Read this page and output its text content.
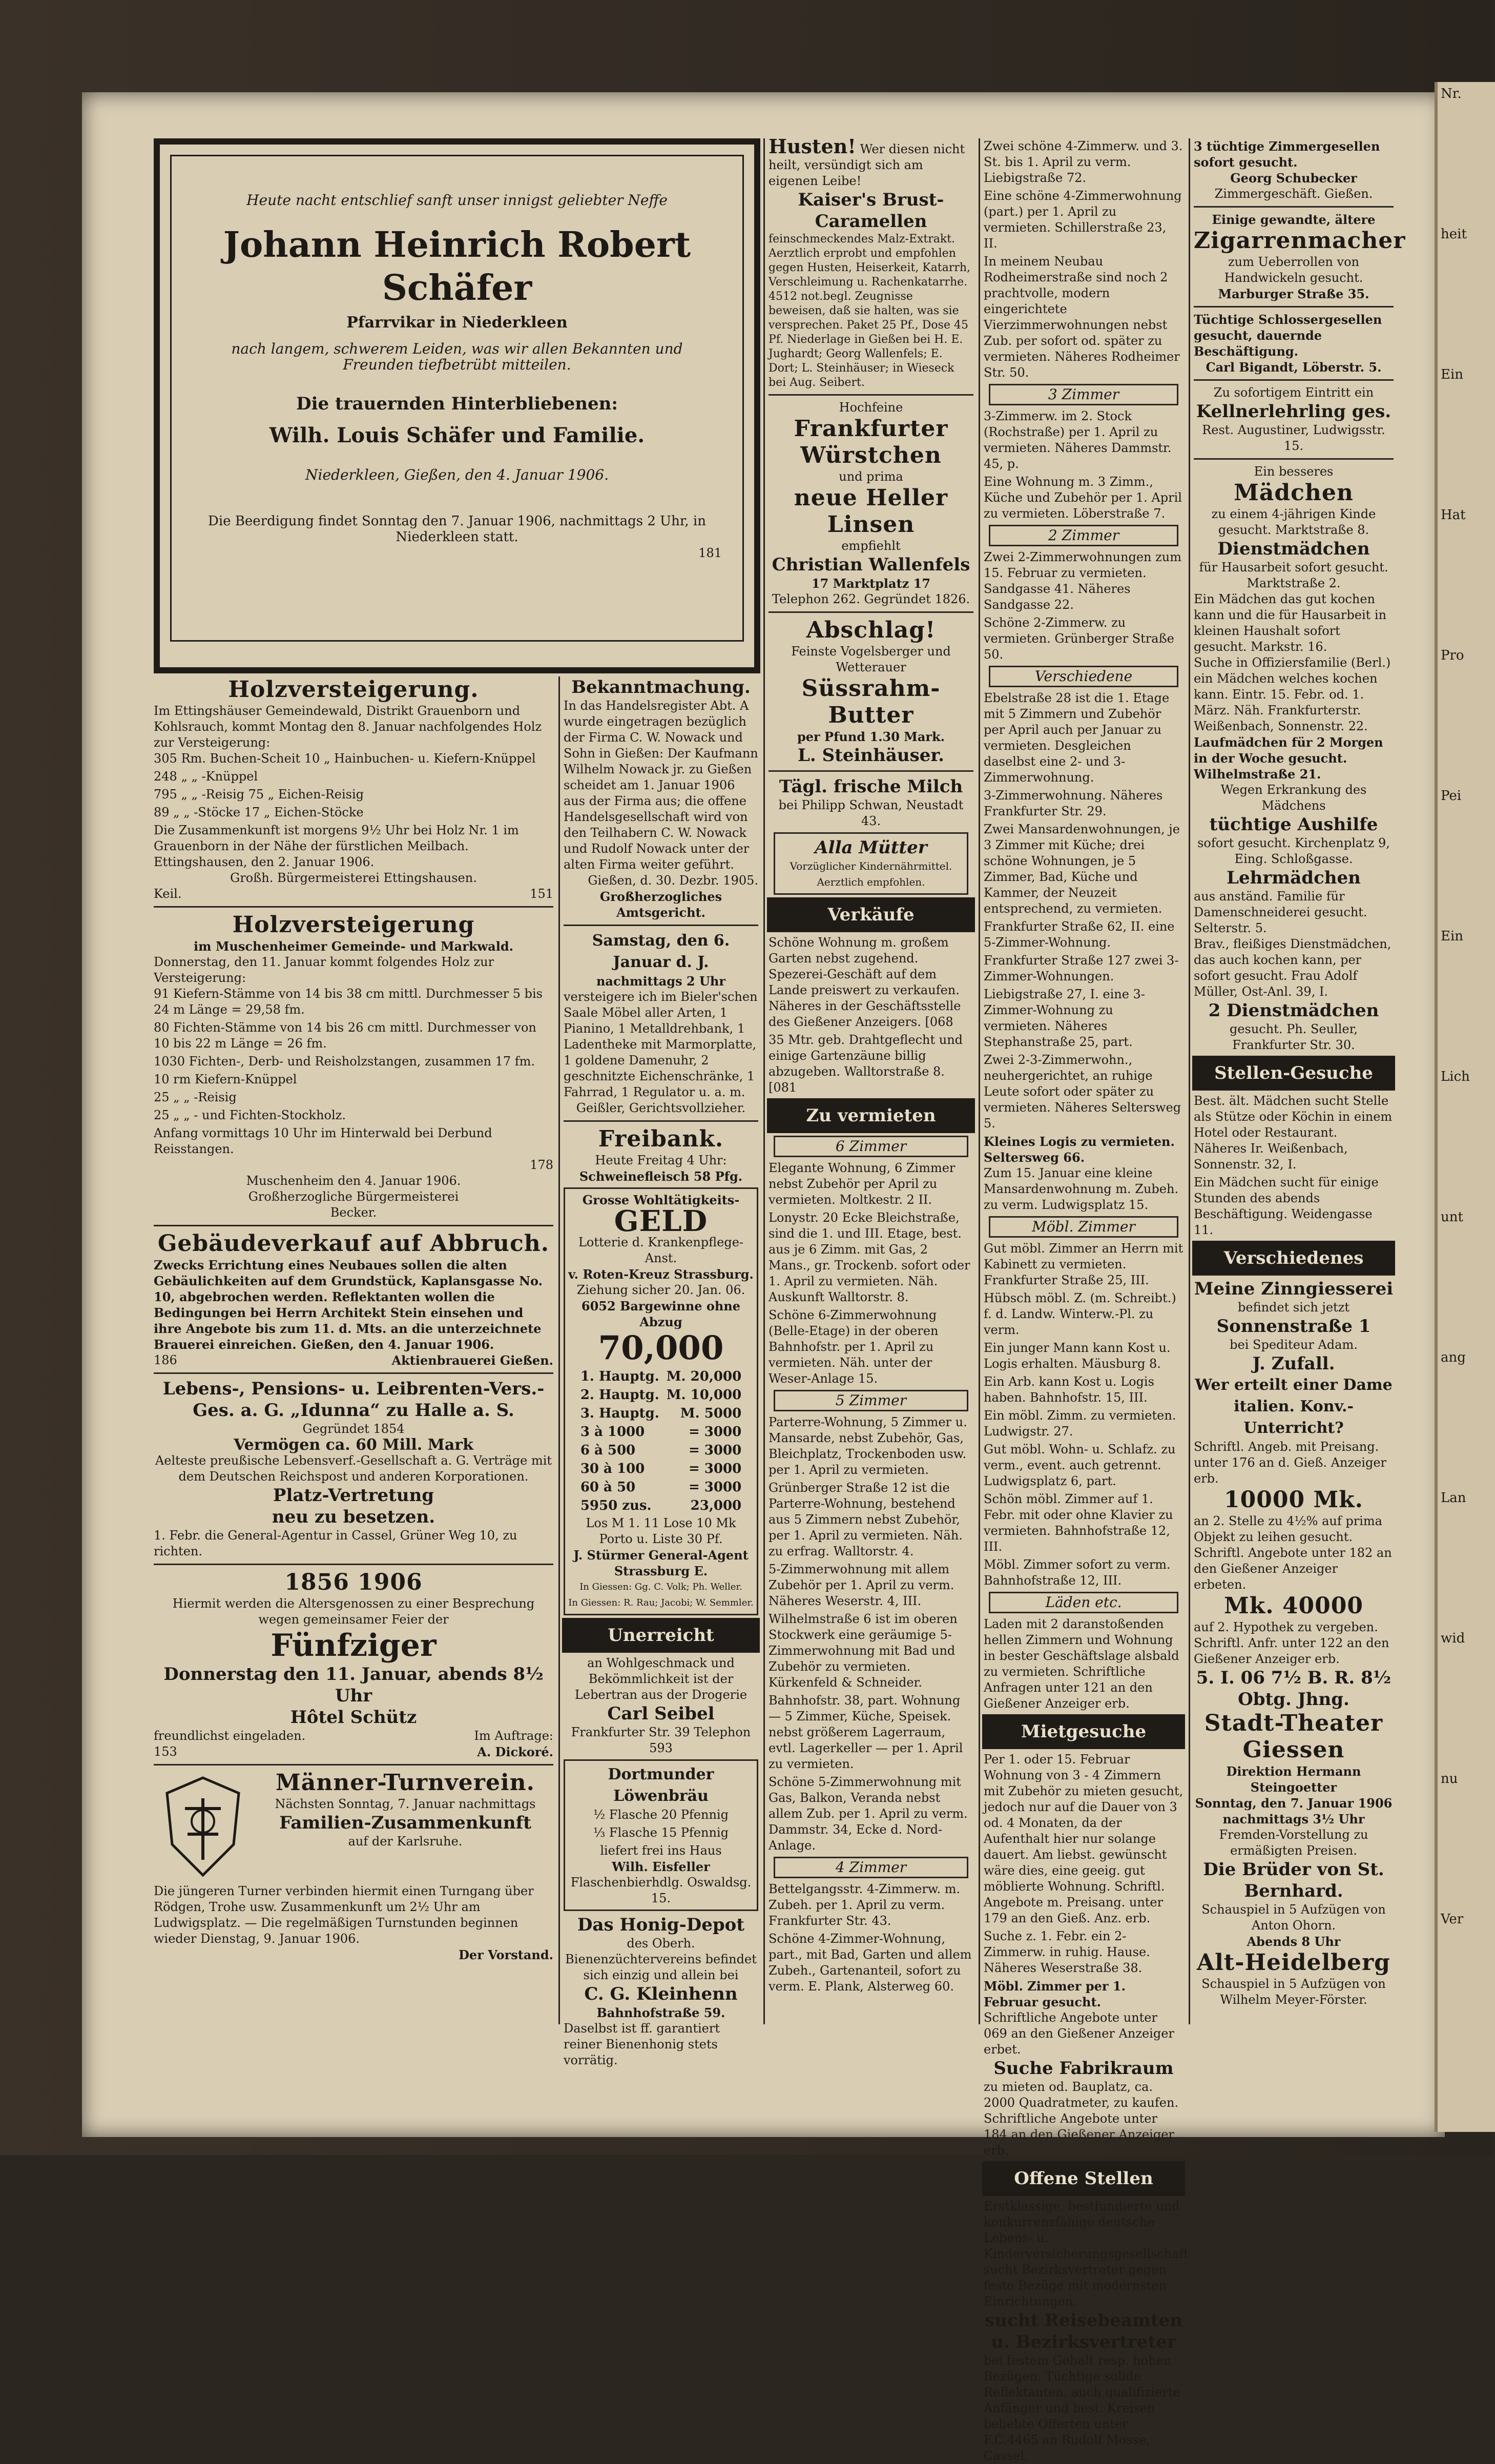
Nr.
heit
Ein
Hat
Pro
Pei
Ein
Lich
unt
ang
Lan
wid
nu
Ver
Heute nacht entschlief sanft unser innigst geliebter Neffe
Johann Heinrich Robert Schäfer
Pfarrvikar in Niederkleen
nach langem, schwerem Leiden, was wir allen Bekannten und Freunden tiefbetrübt mitteilen.
Die trauernden Hinterbliebenen:
Wilh. Louis Schäfer und Familie.
Niederkleen, Gießen, den 4. Januar 1906.
Die Beerdigung findet Sonntag den 7. Januar 1906, nachmittags 2 Uhr, in Niederkleen statt.
181
Holzversteigerung.
Im Ettingshäuser Gemeindewald, Distrikt Grauenborn und Kohlsrauch, kommt Montag den 8. Januar nachfolgendes Holz zur Versteigerung:
305 Rm. Buchen-Scheit 10 „ Hainbuchen- u. Kiefern-Knüppel
248 „ „ -Knüppel
795 „ „ -Reisig 75 „ Eichen-Reisig
89 „ „ -Stöcke 17 „ Eichen-Stöcke
Die Zusammenkunft ist morgens 9½ Uhr bei Holz Nr. 1 im Grauenborn in der Nähe der fürstlichen Meilbach. Ettingshausen, den 2. Januar 1906.
Großh. Bürgermeisterei Ettingshausen.
Keil.	151
Holzversteigerung
im Muschenheimer Gemeinde- und Markwald.
Donnerstag, den 11. Januar kommt folgendes Holz zur Versteigerung:
91 Kiefern-Stämme von 14 bis 38 cm mittl. Durchmesser 5 bis 24 m Länge = 29,58 fm.
80 Fichten-Stämme von 14 bis 26 cm mittl. Durchmesser von 10 bis 22 m Länge = 26 fm.
1030 Fichten-, Derb- und Reisholzstangen, zusammen 17 fm.
10 rm Kiefern-Knüppel
25 „ „ -Reisig
25 „ „ - und Fichten-Stockholz.
Anfang vormittags 10 Uhr im Hinterwald bei Derbund Reisstangen.
178
Muschenheim den 4. Januar 1906.
Großherzogliche Bürgermeisterei
Becker.
Gebäudeverkauf auf Abbruch.
Zwecks Errichtung eines Neubaues sollen die alten Gebäulichkeiten auf dem Grundstück, Kaplansgasse No. 10, abgebrochen werden. Reflektanten wollen die Bedingungen bei Herrn Architekt Stein einsehen und ihre Angebote bis zum 11. d. Mts. an die unterzeichnete Brauerei einreichen. Gießen, den 4. Januar 1906.
186	Aktienbrauerei Gießen.
Lebens-, Pensions- u. Leibrenten-Vers.-Ges. a. G. „Idunna“ zu Halle a. S.
Gegründet 1854
Vermögen ca. 60 Mill. Mark
Aelteste preußische Lebensverf.-Gesellschaft a. G. Verträge mit dem Deutschen Reichspost und anderen Korporationen.
Platz-Vertretung
neu zu besetzen.
1. Febr. die General-Agentur in Cassel, Grüner Weg 10, zu richten.
1856 1906
Hiermit werden die Altersgenossen zu einer Besprechung wegen gemeinsamer Feier der
Fünfziger
Donnerstag den 11. Januar, abends 8½ Uhr
Hôtel Schütz
freundlichst eingeladen.	Im Auftrage:
153	A. Dickoré.
Männer-Turnverein.
Nächsten Sonntag, 7. Januar nachmittags
Familien-Zusammenkunft
auf der Karlsruhe.
Die jüngeren Turner verbinden hiermit einen Turngang über Rödgen, Trohe usw. Zusammenkunft um 2½ Uhr am Ludwigsplatz. — Die regelmäßigen Turnstunden beginnen wieder Dienstag, 9. Januar 1906.
Der Vorstand.
Bekanntmachung.
In das Handelsregister Abt. A wurde eingetragen bezüglich der Firma C. W. Nowack und Sohn in Gießen: Der Kaufmann Wilhelm Nowack jr. zu Gießen scheidet am 1. Januar 1906 aus der Firma aus; die offene Handelsgesellschaft wird von den Teilhabern C. W. Nowack und Rudolf Nowack unter der alten Firma weiter geführt.
Gießen, d. 30. Dezbr. 1905.
Großherzogliches Amtsgericht.
Samstag, den 6. Januar d. J.
nachmittags 2 Uhr
versteigere ich im Bieler'schen Saale Möbel aller Arten, 1 Pianino, 1 Metalldrehbank, 1 Ladentheke mit Marmorplatte, 1 goldene Damenuhr, 2 geschnitzte Eichenschränke, 1 Fahrrad, 1 Regulator u. a. m.
Geißler, Gerichtsvollzieher.
Freibank.
Heute Freitag 4 Uhr:
Schweinefleisch 58 Pfg.
Grosse Wohltätigkeits-
GELD
Lotterie d. Krankenpflege-Anst.
v. Roten-Kreuz Strassburg.
Ziehung sicher 20. Jan. 06.
6052 Bargewinne ohne Abzug
70,000
1. Hauptg.	M. 20,000
2. Hauptg.	M. 10,000
3. Hauptg.	M. 5000
3 à 1000	= 3000
6 à 500	= 3000
30 à 100	= 3000
60 à 50	= 3000
5950 zus.	23,000
Los M 1. 11 Lose 10 Mk Porto u. Liste 30 Pf.
J. Stürmer General-Agent Strassburg E.
In Giessen: Gg. C. Volk; Ph. Weller.
In Giessen: R. Rau; Jacobi; W. Semmler.
Unerreicht
an Wohlgeschmack und Bekömmlichkeit ist der Lebertran aus der Drogerie
Carl Seibel
Frankfurter Str. 39 Telephon 593
Dortmunder Löwenbräu
½ Flasche 20 Pfennig
⅓ Flasche 15 Pfennig
liefert frei ins Haus
Wilh. Eisfeller
Flaschenbierhdlg. Oswaldsg. 15.
Das Honig-Depot
des Oberh. Bienenzüchtervereins befindet sich einzig und allein bei
C. G. Kleinhenn
Bahnhofstraße 59.
Daselbst ist ff. garantiert reiner Bienenhonig stets vorrätig.
Husten! Wer diesen nicht heilt, versündigt sich am eigenen Leibe!
Kaiser's Brust-Caramellen
feinschmeckendes Malz-Extrakt. Aerztlich erprobt und empfohlen gegen Husten, Heiserkeit, Katarrh, Verschleimung u. Rachenkatarrhe. 4512 not.begl. Zeugnisse beweisen, daß sie halten, was sie versprechen. Paket 25 Pf., Dose 45 Pf. Niederlage in Gießen bei H. E. Jughardt; Georg Wallenfels; E. Dort; L. Steinhäuser; in Wieseck bei Aug. Seibert.
Hochfeine
Frankfurter Würstchen
und prima
neue Heller Linsen
empfiehlt
Christian Wallenfels
17 Marktplatz 17
Telephon 262. Gegründet 1826.
Abschlag!
Feinste Vogelsberger und Wetterauer
Süssrahm-Butter
per Pfund 1.30 Mark.
L. Steinhäuser.
Tägl. frische Milch
bei Philipp Schwan, Neustadt 43.
Alla Mütter
Vorzüglicher Kindernährmittel. Aerztlich empfohlen.
Verkäufe
Schöne Wohnung m. großem Garten nebst zugehend. Spezerei-Geschäft auf dem Lande preiswert zu verkaufen. Näheres in der Geschäftsstelle des Gießener Anzeigers. [068
35 Mtr. geb. Drahtgeflecht und einige Gartenzäune billig abzugeben. Walltorstraße 8. [081
Zu vermieten
6 Zimmer
Elegante Wohnung, 6 Zimmer nebst Zubehör per April zu vermieten. Moltkestr. 2 II.
Lonystr. 20 Ecke Bleichstraße, sind die 1. und III. Etage, best. aus je 6 Zimm. mit Gas, 2 Mans., gr. Trockenb. sofort oder 1. April zu vermieten. Näh. Auskunft Walltorstr. 8.
Schöne 6-Zimmerwohnung (Belle-Etage) in der oberen Bahnhofstr. per 1. April zu vermieten. Näh. unter der Weser-Anlage 15.
5 Zimmer
Parterre-Wohnung, 5 Zimmer u. Mansarde, nebst Zubehör, Gas, Bleichplatz, Trockenboden usw. per 1. April zu vermieten.
Grünberger Straße 12 ist die Parterre-Wohnung, bestehend aus 5 Zimmern nebst Zubehör, per 1. April zu vermieten. Näh. zu erfrag. Walltorstr. 4.
5-Zimmerwohnung mit allem Zubehör per 1. April zu verm. Näheres Weserstr. 4, III.
Wilhelmstraße 6 ist im oberen Stockwerk eine geräumige 5-Zimmerwohnung mit Bad und Zubehör zu vermieten. Kürkenfeld & Schneider.
Bahnhofstr. 38, part. Wohnung — 5 Zimmer, Küche, Speisek. nebst größerem Lagerraum, evtl. Lagerkeller — per 1. April zu vermieten.
Schöne 5-Zimmerwohnung mit Gas, Balkon, Veranda nebst allem Zub. per 1. April zu verm. Dammstr. 34, Ecke d. Nord-Anlage.
4 Zimmer
Bettelgangsstr. 4-Zimmerw. m. Zubeh. per 1. April zu verm. Frankfurter Str. 43.
Schöne 4-Zimmer-Wohnung, part., mit Bad, Garten und allem Zubeh., Gartenanteil, sofort zu verm. E. Plank, Alsterweg 60.
Zwei schöne 4-Zimmerw. und 3. St. bis 1. April zu verm. Liebigstraße 72.
Eine schöne 4-Zimmerwohnung (part.) per 1. April zu vermieten. Schillerstraße 23, II.
In meinem Neubau Rodheimerstraße sind noch 2 prachtvolle, modern eingerichtete Vierzimmerwohnungen nebst Zub. per sofort od. später zu vermieten. Näheres Rodheimer Str. 50.
3 Zimmer
3-Zimmerw. im 2. Stock (Rochstraße) per 1. April zu vermieten. Näheres Dammstr. 45, p.
Eine Wohnung m. 3 Zimm., Küche und Zubehör per 1. April zu vermieten. Löberstraße 7.
2 Zimmer
Zwei 2-Zimmerwohnungen zum 15. Februar zu vermieten. Sandgasse 41. Näheres Sandgasse 22.
Schöne 2-Zimmerw. zu vermieten. Grünberger Straße 50.
Verschiedene
Ebelstraße 28 ist die 1. Etage mit 5 Zimmern und Zubehör per April auch per Januar zu vermieten. Desgleichen daselbst eine 2- und 3-Zimmerwohnung.
3-Zimmerwohnung. Näheres Frankfurter Str. 29.
Zwei Mansardenwohnungen, je 3 Zimmer mit Küche; drei schöne Wohnungen, je 5 Zimmer, Bad, Küche und Kammer, der Neuzeit entsprechend, zu vermieten.
Frankfurter Straße 62, II. eine 5-Zimmer-Wohnung.
Frankfurter Straße 127 zwei 3-Zimmer-Wohnungen.
Liebigstraße 27, I. eine 3-Zimmer-Wohnung zu vermieten. Näheres Stephanstraße 25, part.
Zwei 2-3-Zimmerwohn., neuhergerichtet, an ruhige Leute sofort oder später zu vermieten. Näheres Seltersweg 5.
Kleines Logis zu vermieten. Seltersweg 66.
Zum 15. Januar eine kleine Mansardenwohnung m. Zubeh. zu verm. Ludwigsplatz 15.
Möbl. Zimmer
Gut möbl. Zimmer an Herrn mit Kabinett zu vermieten. Frankfurter Straße 25, III.
Hübsch möbl. Z. (m. Schreibt.) f. d. Landw. Winterw.-Pl. zu verm.
Ein junger Mann kann Kost u. Logis erhalten. Mäusburg 8.
Ein Arb. kann Kost u. Logis haben. Bahnhofstr. 15, III.
Ein möbl. Zimm. zu vermieten. Ludwigstr. 27.
Gut möbl. Wohn- u. Schlafz. zu verm., event. auch getrennt. Ludwigsplatz 6, part.
Schön möbl. Zimmer auf 1. Febr. mit oder ohne Klavier zu vermieten. Bahnhofstraße 12, III.
Möbl. Zimmer sofort zu verm. Bahnhofstraße 12, III.
Läden etc.
Laden mit 2 daranstoßenden hellen Zimmern und Wohnung in bester Geschäftslage alsbald zu vermieten. Schriftliche Anfragen unter 121 an den Gießener Anzeiger erb.
Mietgesuche
Per 1. oder 15. Februar Wohnung von 3 - 4 Zimmern mit Zubehör zu mieten gesucht, jedoch nur auf die Dauer von 3 od. 4 Monaten, da der Aufenthalt hier nur solange dauert. Am liebst. gewünscht wäre dies, eine geeig. gut möblierte Wohnung. Schriftl. Angebote m. Preisang. unter 179 an den Gieß. Anz. erb.
Suche z. 1. Febr. ein 2-Zimmerw. in ruhig. Hause. Näheres Weserstraße 38.
Möbl. Zimmer per 1. Februar gesucht.
Schriftliche Angebote unter 069 an den Gießener Anzeiger erbet.
Suche Fabrikraum
zu mieten od. Bauplatz, ca. 2000 Quadratmeter, zu kaufen. Schriftliche Angebote unter 184 an den Gießener Anzeiger erb.
Offene Stellen
Erstklassige, bestfundierte und konkurrenzfähige deutsche Lebens- u. Kinderversicherungsgesellschaft sucht Bezirksvertreter gegen feste Bezüge mit modernsten Einrichtungen.
sucht Reisebeamten u. Bezirksvertreter
bei festem Gehalt resp. hohen Bezügen. Tüchtige solide Reflektanten, auch qualifizierte Anfänger und best. Kreisen beliebte Offerten unter F.C.4465 an Rudolf Mosse, Cassel.
3 tüchtige Zimmergesellen sofort gesucht.
Georg Schubecker
Zimmergeschäft. Gießen.
Einige gewandte, ältere
Zigarrenmacher
zum Ueberrollen von Handwickeln gesucht.
Marburger Straße 35.
Tüchtige Schlossergesellen gesucht, dauernde Beschäftigung.
Carl Bigandt, Löberstr. 5.
Zu sofortigem Eintritt ein
Kellnerlehrling ges.
Rest. Augustiner, Ludwigsstr. 15.
Ein besseres
Mädchen
zu einem 4-jährigen Kinde gesucht. Marktstraße 8.
Dienstmädchen
für Hausarbeit sofort gesucht. Marktstraße 2.
Ein Mädchen das gut kochen kann und die für Hausarbeit in kleinen Haushalt sofort gesucht. Markstr. 16.
Suche in Offiziersfamilie (Berl.) ein Mädchen welches kochen kann. Eintr. 15. Febr. od. 1. März. Näh. Frankfurterstr. Weißenbach, Sonnenstr. 22.
Laufmädchen für 2 Morgen in der Woche gesucht. Wilhelmstraße 21.
Wegen Erkrankung des Mädchens
tüchtige Aushilfe
sofort gesucht. Kirchenplatz 9, Eing. Schloßgasse.
Lehrmädchen
aus anständ. Familie für Damenschneiderei gesucht. Selterstr. 5.
Brav., fleißiges Dienstmädchen, das auch kochen kann, per sofort gesucht. Frau Adolf Müller, Ost-Anl. 39, I.
2 Dienstmädchen
gesucht. Ph. Seuller, Frankfurter Str. 30.
Stellen-Gesuche
Best. ält. Mädchen sucht Stelle als Stütze oder Köchin in einem Hotel oder Restaurant. Näheres Ir. Weißenbach, Sonnenstr. 32, I.
Ein Mädchen sucht für einige Stunden des abends Beschäftigung. Weidengasse 11.
Verschiedenes
Meine Zinngiesserei
befindet sich jetzt
Sonnenstraße 1
bei Spediteur Adam.
J. Zufall.
Wer erteilt einer Dame italien. Konv.-Unterricht?
Schriftl. Angeb. mit Preisang. unter 176 an d. Gieß. Anzeiger erb.
10000 Mk.
an 2. Stelle zu 4½% auf prima Objekt zu leihen gesucht. Schriftl. Angebote unter 182 an den Gießener Anzeiger erbeten.
Mk. 40000
auf 2. Hypothek zu vergeben. Schriftl. Anfr. unter 122 an den Gießener Anzeiger erb.
5. I. 06 7½ B. R. 8½ Obtg. Jhng.
Stadt-Theater Giessen
Direktion Hermann Steingoetter
Sonntag, den 7. Januar 1906 nachmittags 3½ Uhr
Fremden-Vorstellung zu ermäßigten Preisen.
Die Brüder von St. Bernhard.
Schauspiel in 5 Aufzügen von Anton Ohorn.
Abends 8 Uhr
Alt-Heidelberg
Schauspiel in 5 Aufzügen von Wilhelm Meyer-Förster.
